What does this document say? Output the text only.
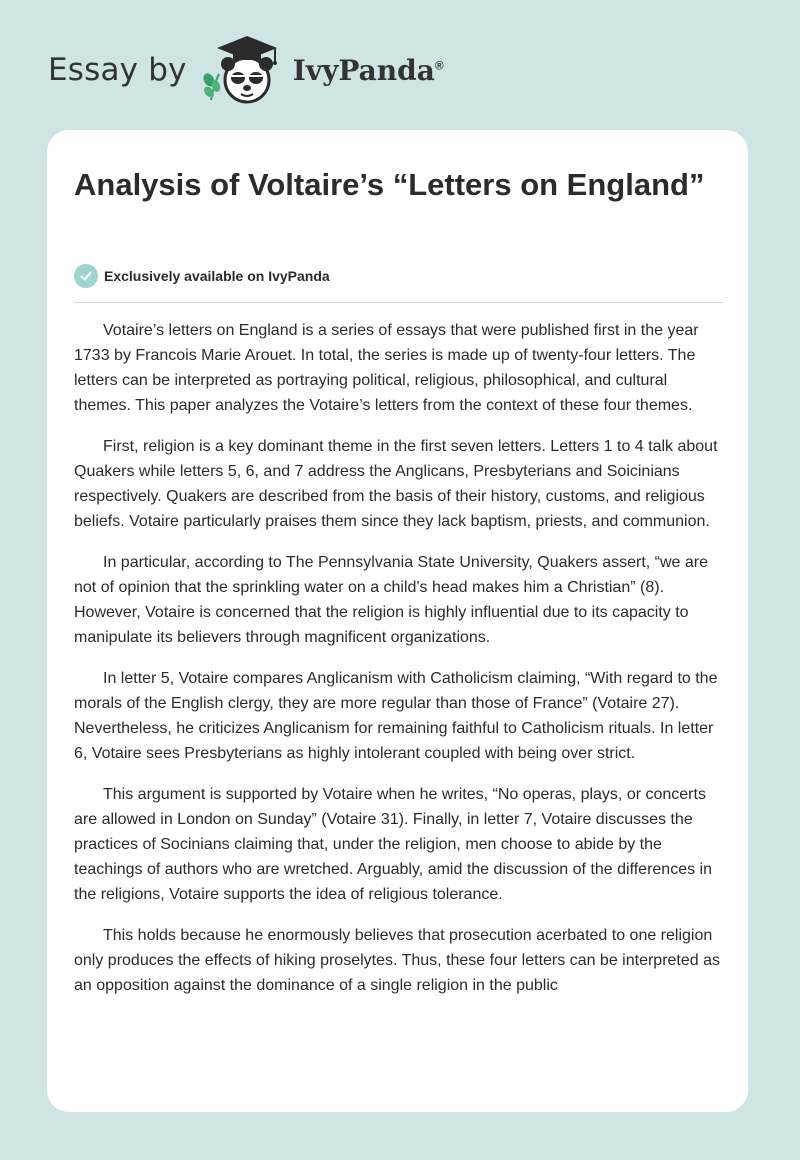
Essay by	IvyPanda®
Analysis of Voltaire’s “Letters on England”
Exclusively available on IvyPanda

Votaire’s letters on England is a series of essays that were published first in the year 1733 by Francois Marie Arouet. In total, the series is made up of twenty-four letters. The letters can be interpreted as portraying political, religious, philosophical, and cultural themes. This paper analyzes the Votaire’s letters from the context of these four themes.

First, religion is a key dominant theme in the first seven letters. Letters 1 to 4 talk about Quakers while letters 5, 6, and 7 address the Anglicans, Presbyterians and Soicinians respectively. Quakers are described from the basis of their history, customs, and religious beliefs. Votaire particularly praises them since they lack baptism, priests, and communion.

In particular, according to The Pennsylvania State University, Quakers assert, “we are not of opinion that the sprinkling water on a child's head makes him a Christian” (8). However, Votaire is concerned that the religion is highly influential due to its capacity to manipulate its believers through magnificent organizations.

In letter 5, Votaire compares Anglicanism with Catholicism claiming, “With regard to the morals of the English clergy, they are more regular than those of France” (Votaire 27). Nevertheless, he criticizes Anglicanism for remaining faithful to Catholicism rituals. In letter 6, Votaire sees Presbyterians as highly intolerant coupled with being over strict.

This argument is supported by Votaire when he writes, “No operas, plays, or concerts are allowed in London on Sunday” (Votaire 31). Finally, in letter 7, Votaire discusses the practices of Socinians claiming that, under the religion, men choose to abide by the teachings of authors who are wretched. Arguably, amid the discussion of the differences in the religions, Votaire supports the idea of religious tolerance.

This holds because he enormously believes that prosecution acerbated to one religion only produces the effects of hiking proselytes. Thus, these four letters can be interpreted as an opposition against the dominance of a single religion in the public
